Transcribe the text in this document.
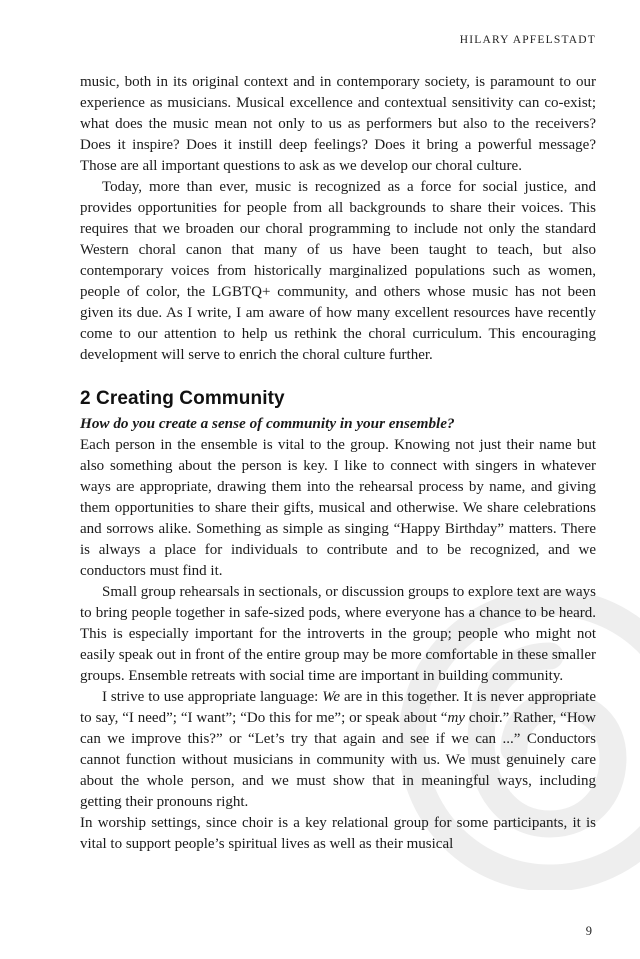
HILARY APFELSTADT

music, both in its original context and in contemporary society, is paramount to our experience as musicians. Musical excellence and contextual sensitivity can co-exist; what does the music mean not only to us as performers but also to the receivers? Does it inspire? Does it instill deep feelings? Does it bring a powerful message? Those are all important questions to ask as we develop our choral culture.

Today, more than ever, music is recognized as a force for social justice, and provides opportunities for people from all backgrounds to share their voices. This requires that we broaden our choral programming to include not only the standard Western choral canon that many of us have been taught to teach, but also contemporary voices from historically marginalized populations such as women, people of color, the LGBTQ+ community, and others whose music has not been given its due. As I write, I am aware of how many excellent resources have recently come to our attention to help us rethink the choral curriculum. This encouraging development will serve to enrich the choral culture further.

2 Creating Community

How do you create a sense of community in your ensemble?

Each person in the ensemble is vital to the group. Knowing not just their name but also something about the person is key. I like to connect with singers in whatever ways are appropriate, drawing them into the rehearsal process by name, and giving them opportunities to share their gifts, musical and otherwise. We share celebrations and sorrows alike. Something as simple as singing “Happy Birthday” matters. There is always a place for individuals to contribute and to be recognized, and we conductors must find it.

Small group rehearsals in sectionals, or discussion groups to explore text are ways to bring people together in safe-sized pods, where everyone has a chance to be heard. This is especially important for the introverts in the group; people who might not easily speak out in front of the entire group may be more comfortable in these smaller groups. Ensemble retreats with social time are important in building community.

I strive to use appropriate language: We are in this together. It is never appropriate to say, “I need”; “I want”; “Do this for me”; or speak about “my choir.” Rather, “How can we improve this?” or “Let’s try that again and see if we can ...” Conductors cannot function without musicians in community with us. We must genuinely care about the whole person, and we must show that in meaningful ways, including getting their pronouns right.

In worship settings, since choir is a key relational group for some participants, it is vital to support people’s spiritual lives as well as their musical

9
